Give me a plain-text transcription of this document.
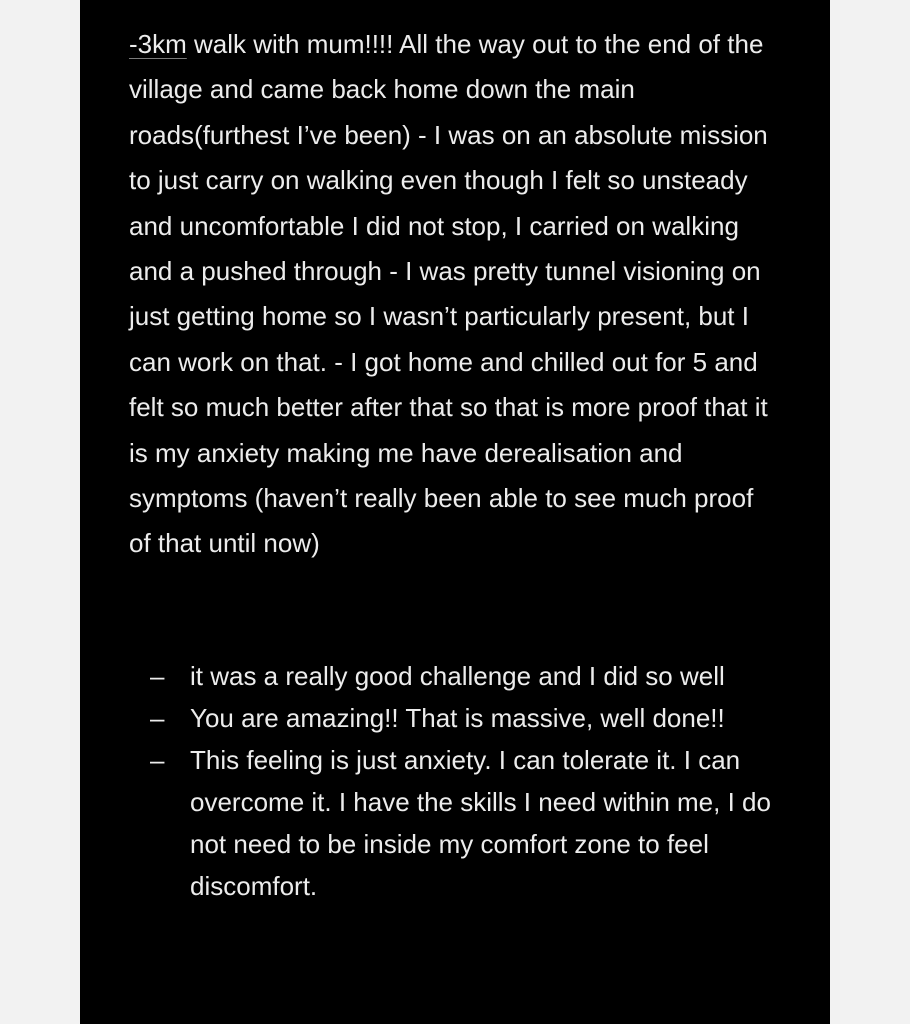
-3km walk with mum!!!! All the way out to the end of the village and came back home down the main roads(furthest I’ve been) - I was on an absolute mission to just carry on walking even though I felt so unsteady and uncomfortable I did not stop, I carried on walking and a pushed through - I was pretty tunnel visioning on just getting home so I wasn’t particularly present, but I can work on that. - I got home and chilled out for 5 and felt so much better after that so that is more proof that it is my anxiety making me have derealisation and symptoms (haven’t really been able to see much proof of that until now)

– it was a really good challenge and I did so well
– You are amazing!! That is massive, well done!!
– This feeling is just anxiety. I can tolerate it. I can overcome it. I have the skills I need within me, I do not need to be inside my comfort zone to feel discomfort.
